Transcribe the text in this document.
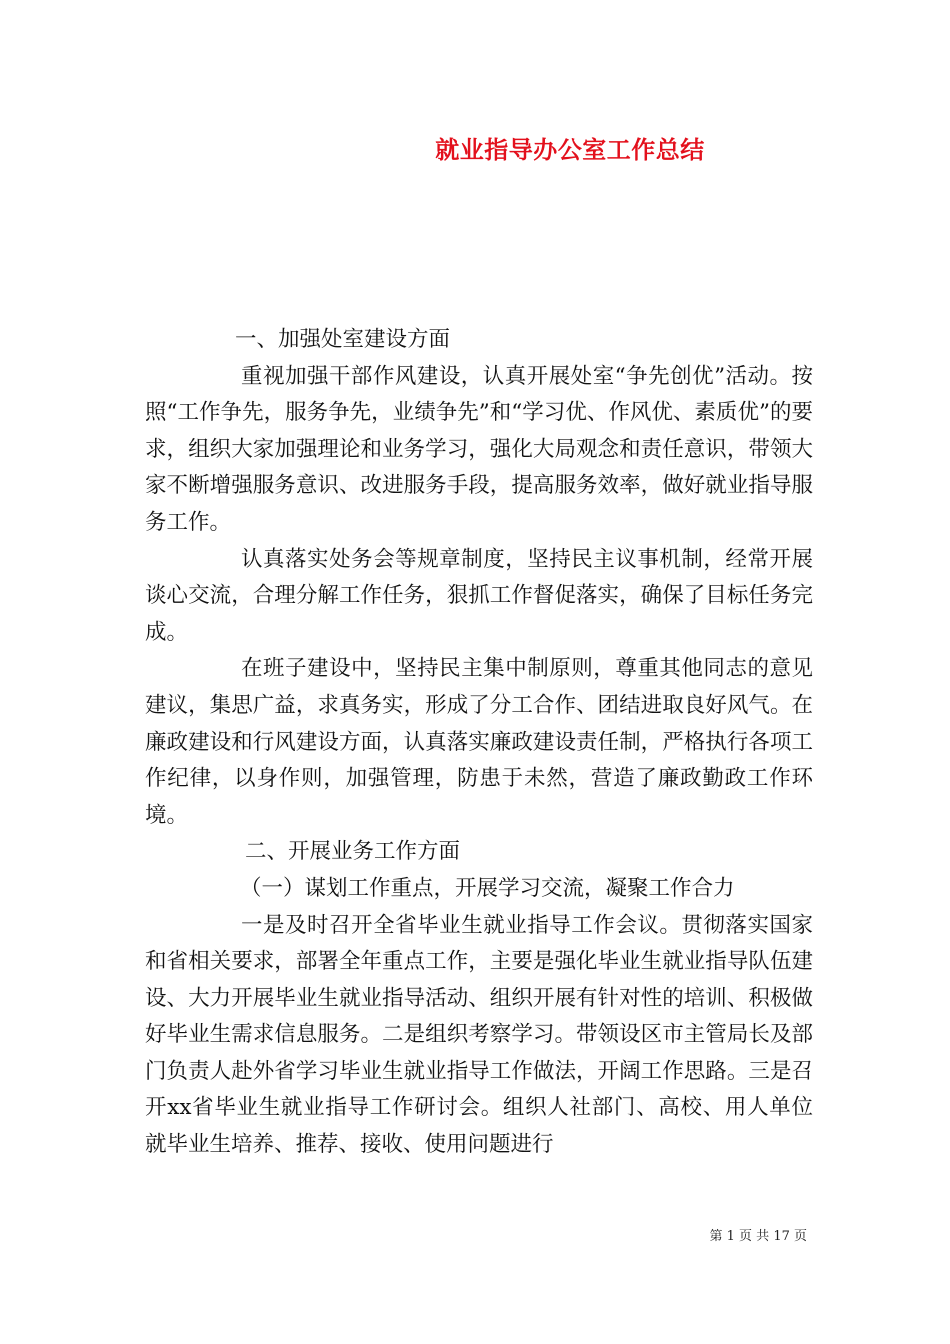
就业指导办公室工作总结

一、加强处室建设方面

重视加强干部作风建设，认真开展处室“争先创优”活动。按照“工作争先，服务争先，业绩争先”和“学习优、作风优、素质优”的要求，组织大家加强理论和业务学习，强化大局观念和责任意识，带领大家不断增强服务意识、改进服务手段，提高服务效率，做好就业指导服务工作。

认真落实处务会等规章制度，坚持民主议事机制，经常开展谈心交流，合理分解工作任务，狠抓工作督促落实，确保了目标任务完成。

在班子建设中，坚持民主集中制原则，尊重其他同志的意见建议，集思广益，求真务实，形成了分工合作、团结进取良好风气。在廉政建设和行风建设方面，认真落实廉政建设责任制，严格执行各项工作纪律，以身作则，加强管理，防患于未然，营造了廉政勤政工作环境。

二、开展业务工作方面

（一）谋划工作重点，开展学习交流，凝聚工作合力

一是及时召开全省毕业生就业指导工作会议。贯彻落实国家和省相关要求，部署全年重点工作，主要是强化毕业生就业指导队伍建设、大力开展毕业生就业指导活动、组织开展有针对性的培训、积极做好毕业生需求信息服务。二是组织考察学习。带领设区市主管局长及部门负责人赴外省学习毕业生就业指导工作做法，开阔工作思路。三是召开xx省毕业生就业指导工作研讨会。组织人社部门、高校、用人单位就毕业生培养、推荐、接收、使用问题进行

第 1 页 共 17 页
